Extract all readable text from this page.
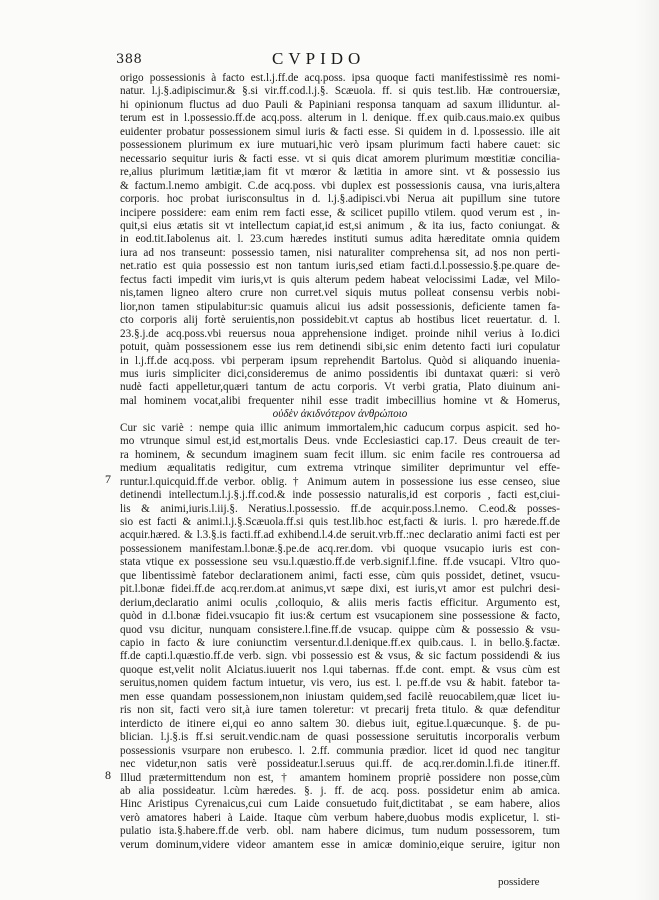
388	CVPIDO
7
8
origo possessionis à facto est.l.j.ff.de acq.poss. ipsa quoque facti manifestissimè res nomi-
natur. l.j.§.adipiscimur.& §.si vir.ff.cod.l.j.§. Scæuola. ff. si quis test.lib. Hæ controuersiæ,
hi opinionum fluctus ad duo Pauli & Papiniani responsa tanquam ad saxum illiduntur. al-
terum est in l.possessio.ff.de acq.poss. alterum in l. denique. ff.ex quib.caus.maio.ex quibus
euidenter probatur possessionem simul iuris & facti esse. Si quidem in d. l.possessio. ille ait
possessionem plurimum ex iure mutuari,hic verò ipsam plurimum facti habere cauet: sic
necessario sequitur iuris & facti esse. vt si quis dicat amorem plurimum mœstitiæ concilia-
re,alius plurimum lætitiæ,iam fit vt mœror & lætitia in amore sint. vt & possessio ius
& factum.l.nemo ambigit. C.de acq.poss. vbi duplex est possessionis causa, vna iuris,altera
corporis. hoc probat iurisconsultus in d. l.j.§.adipisci.vbi Nerua ait pupillum sine tutore
incipere possidere: eam enim rem facti esse, & scilicet pupillo vtilem. quod verum est , in-
quit,si eius ætatis sit vt intellectum capiat,id est,si animum , & ita ius, facto coniungat. &
in eod.tit.Iabolenus ait. l. 23.cum hæredes instituti sumus adita hæreditate omnia quidem
iura ad nos transeunt: possessio tamen, nisi naturaliter comprehensa sit, ad nos non perti-
net.ratio est quia possessio est non tantum iuris,sed etiam facti.d.l.possessio.§.pe.quare de-
fectus facti impedit vim iuris,vt is quis alterum pedem habeat velocissimi Ladæ, vel Milo-
nis,tamen ligneo altero crure non curret.vel siquis mutus polleat consensu verbis nobi-
lior,non tamen stipulabitur:sic quamuis alicui ius adsit possessionis, deficiente tamen fa-
cto corporis alij fortè seruientis,non possidebit.vt captus ab hostibus licet reuertatur. d. l.
23.§.j.de acq.poss.vbi reuersus noua apprehensione indiget. proinde nihil verius à Io.dici
potuit, quàm possessionem esse ius rem detinendi sibi,sic enim detento facti iuri copulatur
in l.j.ff.de acq.poss. vbi perperam ipsum reprehendit Bartolus. Quòd si aliquando inuenia-
mus iuris simpliciter dici,consideremus de animo possidentis ibi duntaxat quæri: si verò
nudè facti appelletur,quæri tantum de actu corporis. Vt verbi gratia, Plato diuinum ani-
mal hominem vocat,alibi frequenter nihil esse tradit imbecillius homine vt & Homerus,
οὐδὲν ἀκιδνότερον ἀνθρώποιο
Cur sic variè : nempe quia illic animum immortalem,hic caducum corpus aspicit. sed ho-
mo vtrunque simul est,id est,mortalis Deus. vnde Ecclesiastici cap.17. Deus creauit de ter-
ra hominem, & secundum imaginem suam fecit illum. sic enim facile res controuersa ad
medium æqualitatis redigitur, cum extrema vtrinque similiter deprimuntur vel effe-
runtur.l.quicquid.ff.de verbor. oblig. † Animum autem in possessione ius esse censeo, siue
detinendi intellectum.l.j.§.j.ff.cod.& inde possessio naturalis,id est corporis , facti est,ciui-
lis & animi,iuris.l.iij.§. Neratius.l.possessio. ff.de acquir.poss.l.nemo. C.eod.& posses-
sio est facti & animi.l.j.§.Scæuola.ff.si quis test.lib.hoc est,facti & iuris. l. pro hærede.ff.de
acquir.hæred. & l.3.§.is facti.ff.ad exhibend.l.4.de seruit.vrb.ff.:nec declaratio animi facti est per
possessionem manifestam.l.bonæ.§.pe.de acq.rer.dom. vbi quoque vsucapio iuris est con-
stata vtique ex possessione seu vsu.l.quæstio.ff.de verb.signif.l.fine. ff.de vsucapi. Vltro quo-
que libentissimè fatebor declarationem animi, facti esse, cùm quis possidet, detinet, vsucu-
pit.l.bonæ fidei.ff.de acq.rer.dom.at animus,vt sæpe dixi, est iuris,vt amor est pulchri desi-
derium,declaratio animi oculis ,colloquio, & aliis meris factis efficitur. Argumento est,
quòd in d.l.bonæ fidei.vsucapio fit ius:& certum est vsucapionem sine possessione & facto,
quod vsu dicitur, nunquam consistere.l.fine.ff.de vsucap. quippe cùm & possessio & vsu-
capio in facto & iure coniunctim versentur.d.l.denique.ff.ex quib.caus. l. in bello.§.factæ.
ff.de capti.l.quæstio.ff.de verb. sign. vbi possessio est & vsus, & sic factum possidendi & ius
quoque est,velit nolit Alciatus.iuuerit nos l.qui tabernas. ff.de cont. empt. & vsus cùm est
seruitus,nomen quidem factum intuetur, vis vero, ius est. l. pe.ff.de vsu & habit. fatebor ta-
men esse quandam possessionem,non iniustam quidem,sed facilè reuocabilem,quæ licet iu-
ris non sit, facti vero sit,à iure tamen toleretur: vt precarij freta titulo. & quæ defenditur
interdicto de itinere ei,qui eo anno saltem 30. diebus iuit, egitue.l.quæcunque. §. de pu-
blician. l.j.§.is ff.si seruit.vendic.nam de quasi possessione seruitutis incorporalis verbum
possessionis vsurpare non erubesco. l. 2.ff. communia prædior. licet id quod nec tangitur
nec videtur,non satis verè possideatur.l.seruus qui.ff. de acq.rer.domin.l.fi.de itiner.ff.
Illud prætermittendum non est, † amantem hominem propriè possidere non posse,cùm
ab alia possideatur. l.cùm hæredes. §. j. ff. de acq. poss. possidetur enim ab amica.
Hinc Aristipus Cyrenaicus,cui cum Laide consuetudo fuit,dictitabat , se eam habere, alios
verò amatores haberi à Laide. Itaque cùm verbum habere,duobus modis explicetur, l. sti-
pulatio ista.§.habere.ff.de verb. obl. nam habere dicimus, tum nudum possessorem, tum
verum dominum,videre videor amantem esse in amicæ dominio,eique seruire, igitur non
possidere
